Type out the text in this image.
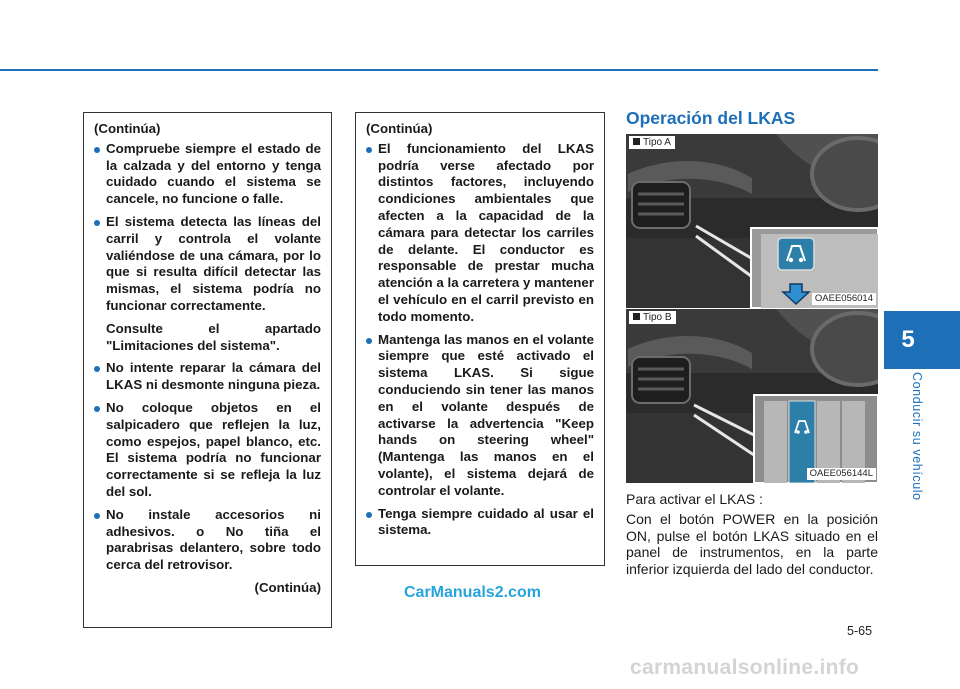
5
Conducir su vehículo
(Continúa)
Compruebe siempre el estado de la calzada y del entorno y tenga cuidado cuando el sistema se cancele, no funcione o falle.
El sistema detecta las líneas del carril y controla el volante valiéndose de una cámara, por lo que si resulta difícil detectar las mismas, el sistema podría no funcionar correctamente.

Consulte el apartado "Limitaciones del sistema".

No intente reparar la cámara del LKAS ni desmonte ninguna pieza.
No coloque objetos en el salpicadero que reflejen la luz, como espejos, papel blanco, etc. El sistema podría no funcionar correctamente si se refleja la luz del sol.
No instale accesorios ni adhesivos. o No tiña el parabrisas delantero, sobre todo cerca del retrovisor.
(Continúa)
(Continúa)
El funcionamiento del LKAS podría verse afectado por distintos factores, incluyendo condiciones ambientales que afecten a la capacidad de la cámara para detectar los carriles de delante. El conductor es responsable de prestar mucha atención a la carretera y mantener el vehículo en el carril previsto en todo momento.
Mantenga las manos en el volante siempre que esté activado el sistema LKAS. Si sigue conduciendo sin tener las manos en el volante después de activarse la advertencia "Keep hands on steering wheel"(Mantenga las manos en el volante), el sistema dejará de controlar el volante.
Tenga siempre cuidado al usar el sistema.
Operación del LKAS
Tipo A
OAEE056014
Tipo B
OAEE056144L

Para activar el LKAS :

Con el botón POWER en la posición ON, pulse el botón LKAS situado en el panel de instrumentos, en la parte inferior izquierda del lado del conductor.

CarManuals2.com
5-65
carmanualsonline.info
